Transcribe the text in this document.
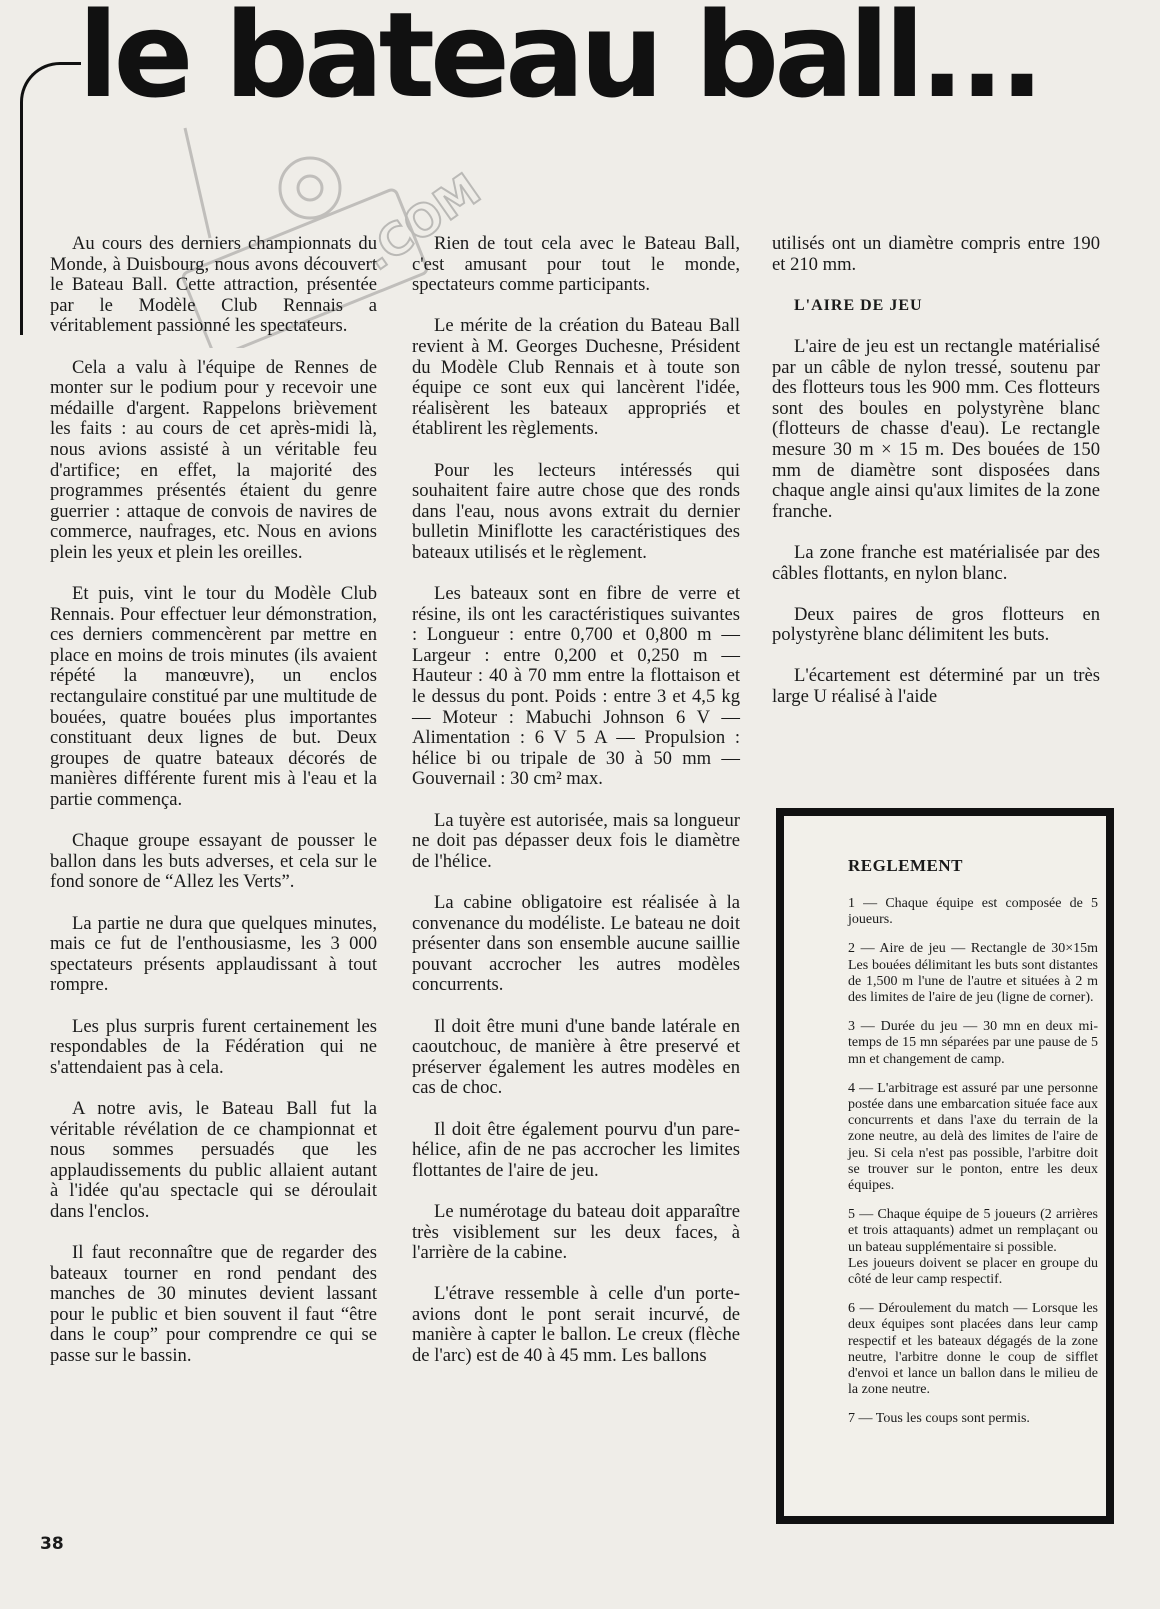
le bateau ball...
.COM

Au cours des derniers championnats du Monde, à Duisbourg, nous avons découvert le Bateau Ball. Cette attraction, présentée par le Modèle Club Rennais a véritablement passionné les spectateurs.

Cela a valu à l'équipe de Rennes de monter sur le podium pour y recevoir une médaille d'argent. Rappelons brièvement les faits : au cours de cet après-midi là, nous avions assisté à un véritable feu d'artifice; en effet, la majorité des programmes présentés étaient du genre guerrier : attaque de convois de navires de commerce, naufrages, etc. Nous en avions plein les yeux et plein les oreilles.

Et puis, vint le tour du Modèle Club Rennais. Pour effectuer leur démonstration, ces derniers commencèrent par mettre en place en moins de trois minutes (ils avaient répété la manœuvre), un enclos rectangulaire constitué par une multitude de bouées, quatre bouées plus importantes constituant deux lignes de but. Deux groupes de quatre bateaux décorés de manières différente furent mis à l'eau et la partie commença.

Chaque groupe essayant de pousser le ballon dans les buts adverses, et cela sur le fond sonore de “Allez les Verts”.

La partie ne dura que quelques minutes, mais ce fut de l'enthousiasme, les 3 000 spectateurs présents applaudissant à tout rompre.

Les plus surpris furent certainement les respondables de la Fédération qui ne s'attendaient pas à cela.

A notre avis, le Bateau Ball fut la véritable révélation de ce championnat et nous sommes persuadés que les applaudissements du public allaient autant à l'idée qu'au spectacle qui se déroulait dans l'enclos.

Il faut reconnaître que de regarder des bateaux tourner en rond pendant des manches de 30 minutes devient lassant pour le public et bien souvent il faut “être dans le coup” pour comprendre ce qui se passe sur le bassin.

Rien de tout cela avec le Bateau Ball, c'est amusant pour tout le monde, spectateurs comme participants.

Le mérite de la création du Bateau Ball revient à M. Georges Duchesne, Président du Modèle Club Rennais et à toute son équipe ce sont eux qui lancèrent l'idée, réalisèrent les bateaux appropriés et établirent les règlements.

Pour les lecteurs intéressés qui souhaitent faire autre chose que des ronds dans l'eau, nous avons extrait du dernier bulletin Miniflotte les caractéristiques des bateaux utilisés et le règlement.

Les bateaux sont en fibre de verre et résine, ils ont les caractéristiques suivantes : Longueur : entre 0,700 et 0,800 m — Largeur : entre 0,200 et 0,250 m — Hauteur : 40 à 70 mm entre la flottaison et le dessus du pont. Poids : entre 3 et 4,5 kg — Moteur : Mabuchi Johnson 6 V — Alimentation : 6 V 5 A — Propulsion : hélice bi ou tripale de 30 à 50 mm — Gouvernail : 30 cm² max.

La tuyère est autorisée, mais sa longueur ne doit pas dépasser deux fois le diamètre de l'hélice.

La cabine obligatoire est réalisée à la convenance du modéliste. Le bateau ne doit présenter dans son ensemble aucune saillie pouvant accrocher les autres modèles concurrents.

Il doit être muni d'une bande latérale en caoutchouc, de manière à être preservé et préserver également les autres modèles en cas de choc.

Il doit être également pourvu d'un pare-hélice, afin de ne pas accrocher les limites flottantes de l'aire de jeu.

Le numérotage du bateau doit apparaître très visiblement sur les deux faces, à l'arrière de la cabine.

L'étrave ressemble à celle d'un porte-avions dont le pont serait incurvé, de manière à capter le ballon. Le creux (flèche de l'arc) est de 40 à 45 mm. Les ballons

utilisés ont un diamètre compris entre 190 et 210 mm.

L'AIRE DE JEU

L'aire de jeu est un rectangle matérialisé par un câble de nylon tressé, soutenu par des flotteurs tous les 900 mm. Ces flotteurs sont des boules en polystyrène blanc (flotteurs de chasse d'eau). Le rectangle mesure 30 m × 15 m. Des bouées de 150 mm de diamètre sont disposées dans chaque angle ainsi qu'aux limites de la zone franche.

La zone franche est matérialisée par des câbles flottants, en nylon blanc.

Deux paires de gros flotteurs en polystyrène blanc délimitent les buts.

L'écartement est déterminé par un très large U réalisé à l'aide

REGLEMENT

1 — Chaque équipe est composée de 5 joueurs.

2 — Aire de jeu — Rectangle de 30×15m Les bouées délimitant les buts sont distantes de 1,500 m l'une de l'autre et situées à 2 m des limites de l'aire de jeu (ligne de corner).

3 — Durée du jeu — 30 mn en deux mi-temps de 15 mn séparées par une pause de 5 mn et changement de camp.

4 — L'arbitrage est assuré par une personne postée dans une embarcation située face aux concurrents et dans l'axe du terrain de la zone neutre, au delà des limites de l'aire de jeu. Si cela n'est pas possible, l'arbitre doit se trouver sur le ponton, entre les deux équipes.

5 — Chaque équipe de 5 joueurs (2 arrières et trois attaquants) admet un remplaçant ou un bateau supplémentaire si possible.

Les joueurs doivent se placer en groupe du côté de leur camp respectif.

6 — Déroulement du match — Lorsque les deux équipes sont placées dans leur camp respectif et les bateaux dégagés de la zone neutre, l'arbitre donne le coup de sifflet d'envoi et lance un ballon dans le milieu de la zone neutre.

7 — Tous les coups sont permis.

38
